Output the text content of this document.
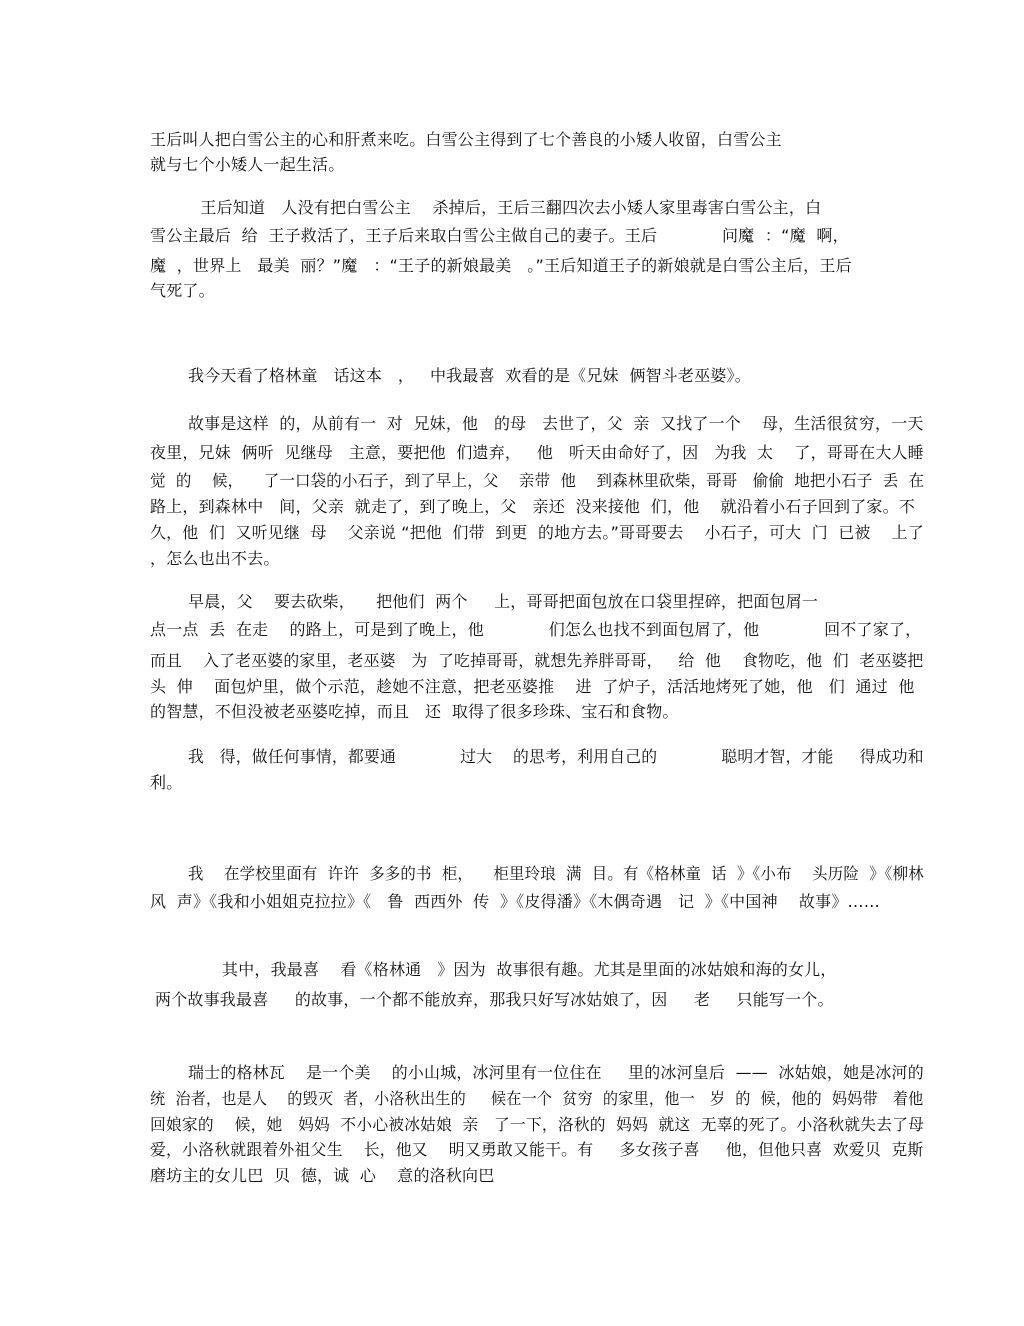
王后叫人把白雪公主的心和肝煮来吃。白雪公主得到了七个善良的小矮人收留，白雪公主

就与七个小矮人一起生活。

　　王后知道　人没有把白雪公主　 杀掉后，王后三翻四次去小矮人家里毒害白雪公主，白

雪公主最后  给  王子救活了，王子后来取白雪公主做自己的妻子。王后　　　　问魔  ：“魔  啊，

魔  ，世界上   最美  丽？”魔   ：“王子的新娘最美   。”王后知道王子的新娘就是白雪公主后，王后

气死了。

我今天看了格林童   话这本   ，   中我最喜  欢看的是《兄妹  俩智斗老巫婆》。

故事是这样  的，从前有一  对  兄妹，他   的母   去世了，父  亲  又找了一个    母，生活很贫穷，一天

夜里，兄妹  俩听  见继母   主意，要把他  们遗弃，   他   听天由命好了，因   为我  太    了，哥哥在大人睡

觉  的    候，    了一口袋的小石子，到了早上，父    亲带  他    到森林里砍柴，哥哥   偷偷  地把小石子  丢  在

路上，到森林中   间，父亲  就走了，到了晚上，父   亲还  没来接他  们，他    就沿着小石子回到了家。不

久，他  们  又听见继  母    父亲说 “把他  们带  到更  的地方去。”哥哥要去    小石子，可大  门  已被    上了

，怎么也出不去。

早晨，父    要去砍柴，    把他们  两个     上，哥哥把面包放在口袋里捏碎，把面包屑一

点一点  丢  在走    的路上，可是到了晚上，他　　　　们怎么也找不到面包屑了，他　　　　回不了家了，

而且    入了老巫婆的家里，老巫婆   为  了吃掉哥哥，就想先养胖哥哥，   给  他    食物吃，他  们  老巫婆把

头  伸    面包炉里，做个示范，趁她不注意，把老巫婆推    进  了炉子，活活地烤死了她，他   们  通过  他

的智慧，不但没被老巫婆吃掉，而且   还  取得了很多珍珠、宝石和食物。

我   得，做任何事情，都要通　　　　过大    的思考，利用自己的　　　　聪明才智，才能     得成功和

利。

我    在学校里面有  许许  多多的书  柜，    柜里玲琅  满  目。有《格林童  话  》《小布    头历险  》《柳林

风  声》《我和小姐姐克拉拉》《   鲁  西西外  传  》《皮得潘》《木偶奇遇   记  》《中国神    故事》……

其中，我最喜    看《格林通   》因为  故事很有趣。尤其是里面的冰姑娘和海的女儿，

两个故事我最喜     的故事，一个都不能放弃，那我只好写冰姑娘了，因     老     只能写一个。

瑞士的格林瓦    是一个美    的小山城，冰河里有一位住在     里的冰河皇后  ——  冰姑娘，她是冰河的

统  治者，也是人    的毁灭  者，小洛秋出生的     候在一个  贫穷  的家里，他一   岁  的  候，他的  妈妈带   着他

回娘家的    候，她   妈妈  不小心被冰姑娘  亲   了一下，洛秋的  妈妈  就这  无辜的死了。小洛秋就失去了母

爱，小洛秋就跟着外祖父生    长，他又    明又勇敢又能干。有     多女孩子喜     他，但他只喜  欢爱贝  克斯

磨坊主的女儿巴  贝  德，诚  心    意的洛秋向巴
